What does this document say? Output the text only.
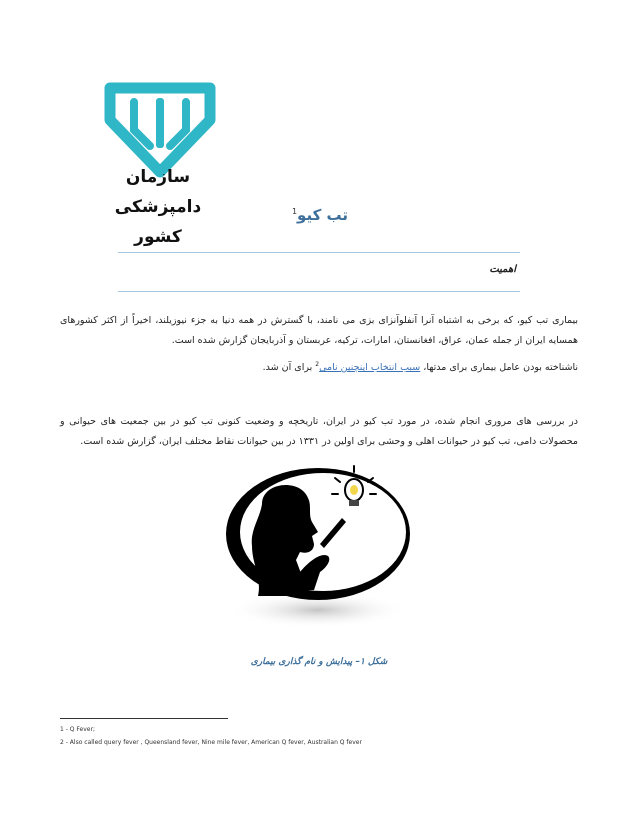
سازمان دامپزشکی کشور
تب کیو$^1$
اهمیت
بیماری تب کیو، که برخی به اشتباه آنرا آنفلوآنزای بزی می نامند، با گسترش در همه دنیا به جزء نیوزیلند، اخیراً از اکثر کشورهای همسایه ایران از جمله عمان، عراق، افغانستان، امارات، ترکیه، عربستان و آذربایجان گزارش شده است.
ناشناخته بودن عامل بیماری برای مدتها، سبب انتخاب اینچنین نامی$^2$ برای آن شد.
در بررسی های مروری انجام شده، در مورد تب کیو در ایران، تاریخچه و وضعیت کنونی تب کیو در بین جمعیت های حیوانی و محصولات دامی، تب کیو در حیوانات اهلی و وحشی برای اولین در ۱۳۳۱ در بین حیوانات نقاط مختلف ایران، گزارش شده است.
شکل ۱– پیدایش و نام گذاری بیماری
1 - Q Fever;
2 - Also called query fever , Queensland fever, Nine mile fever, American Q fever, Australian Q fever
